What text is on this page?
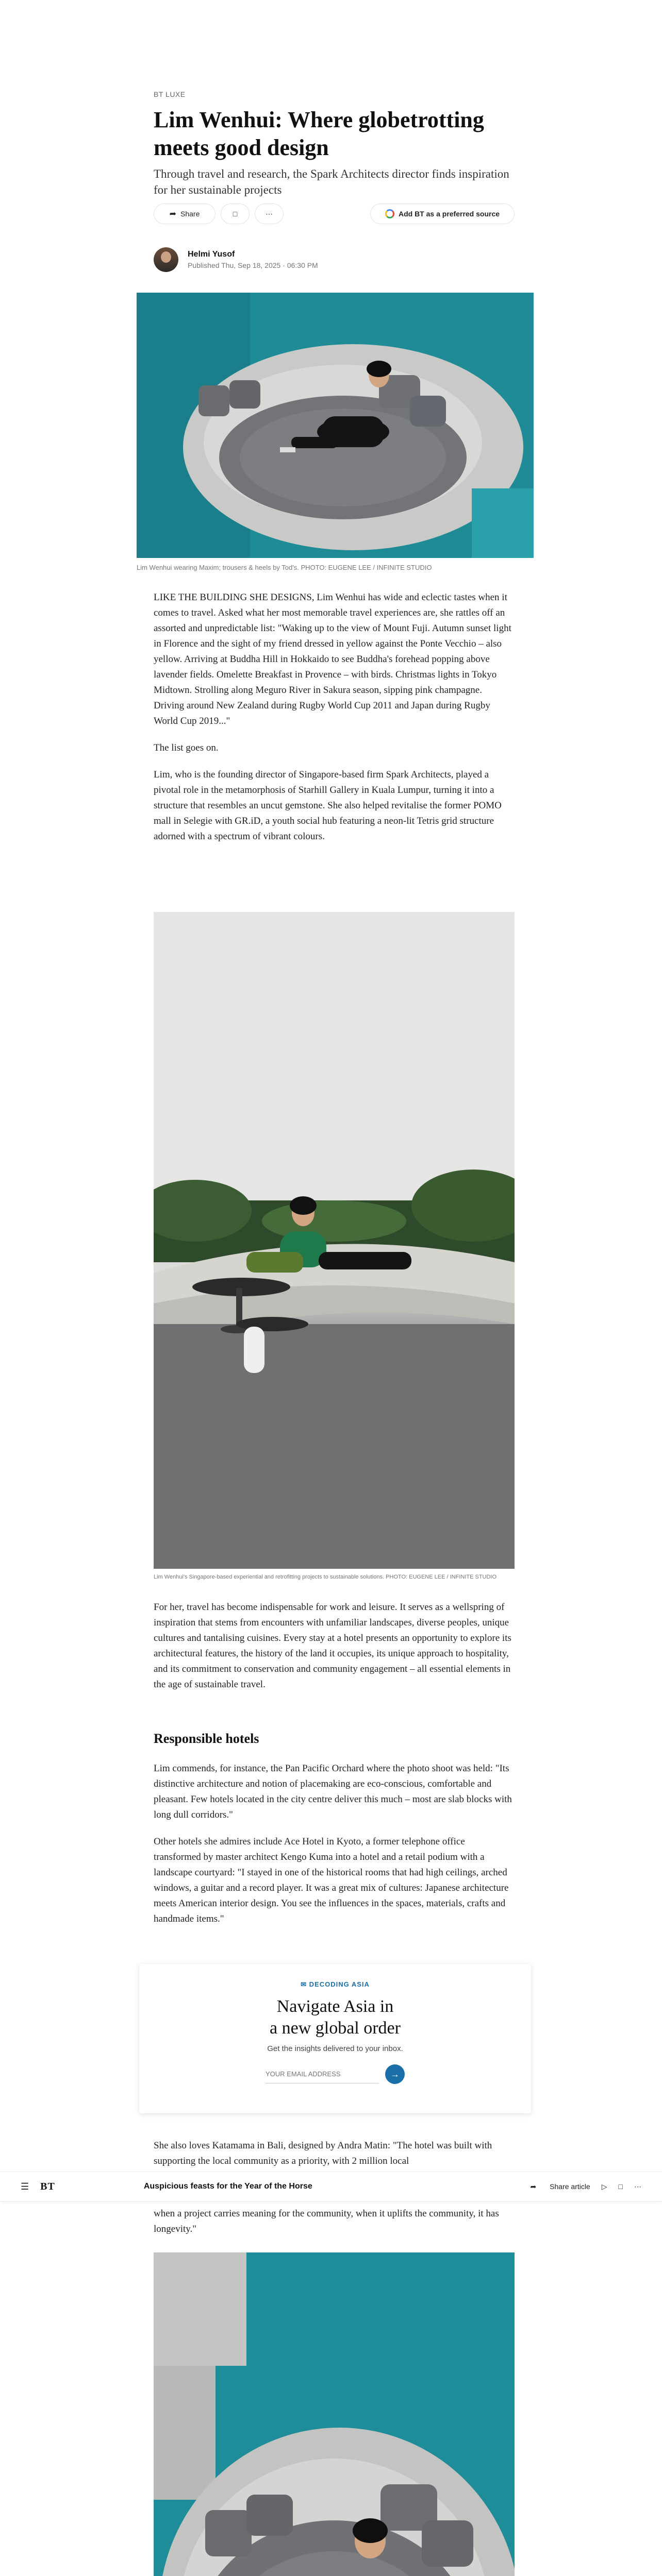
BT LUXE
Lim Wenhui: Where globetrotting meets good design

Through travel and research, the Spark Architects director finds inspiration for her sustainable projects

➦ Share	□	⋯	Add BT as a preferred source
Helmi Yusof
Published Thu, Sep 18, 2025 · 06:30 PM
Lim Wenhui wearing Maxim; trousers & heels by Tod's. PHOTO: EUGENE LEE / INFINITE STUDIO

LIKE THE BUILDING SHE DESIGNS, Lim Wenhui has wide and eclectic tastes when it comes to travel. Asked what her most memorable travel experiences are, she rattles off an assorted and unpredictable list: "Waking up to the view of Mount Fuji. Autumn sunset light in Florence and the sight of my friend dressed in yellow against the Ponte Vecchio – also yellow. Arriving at Buddha Hill in Hokkaido to see Buddha's forehead popping above lavender fields. Omelette Breakfast in Provence – with birds. Christmas lights in Tokyo Midtown. Strolling along Meguro River in Sakura season, sipping pink champagne. Driving around New Zealand during Rugby World Cup 2011 and Japan during Rugby World Cup 2019..."

The list goes on.

Lim, who is the founding director of Singapore-based firm Spark Architects, played a pivotal role in the metamorphosis of Starhill Gallery in Kuala Lumpur, turning it into a structure that resembles an uncut gemstone. She also helped revitalise the former POMO mall in Selegie with GR.iD, a youth social hub featuring a neon-lit Tetris grid structure adorned with a spectrum of vibrant colours.

Lim Wenhui's Singapore-based experiential and retrofitting projects to sustainable solutions. PHOTO: EUGENE LEE / INFINITE STUDIO

For her, travel has become indispensable for work and leisure. It serves as a wellspring of inspiration that stems from encounters with unfamiliar landscapes, diverse peoples, unique cultures and tantalising cuisines. Every stay at a hotel presents an opportunity to explore its architectural features, the history of the land it occupies, its unique approach to hospitality, and its commitment to conservation and community engagement – all essential elements in the age of sustainable travel.

Responsible hotels

Lim commends, for instance, the Pan Pacific Orchard where the photo shoot was held: "Its distinctive architecture and notion of placemaking are eco-conscious, comfortable and pleasant. Few hotels located in the city centre deliver this much – most are slab blocks with long dull corridors."

Other hotels she admires include Ace Hotel in Kyoto, a former telephone office transformed by master architect Kengo Kuma into a hotel and a retail podium with a landscape courtyard: "I stayed in one of the historical rooms that had high ceilings, arched windows, a guitar and a record player. It was a great mix of cultures: Japanese architecture meets American interior design. You see the influences in the spaces, materials, crafts and handmade items."

✉ DECODING ASIA
Navigate Asia in
a new global order
Get the insights delivered to your inbox.
YOUR EMAIL ADDRESS
→

She also loves Katamama in Bali, designed by Andra Matin: "The hotel was built with supporting the local community as a priority, with 2 million local

☰ BT	Auspicious feasts for the Year of the Horse	➦ Share article ▷ □ ⋯

when a project carries meaning for the community, when it uplifts the community, it has longevity."
